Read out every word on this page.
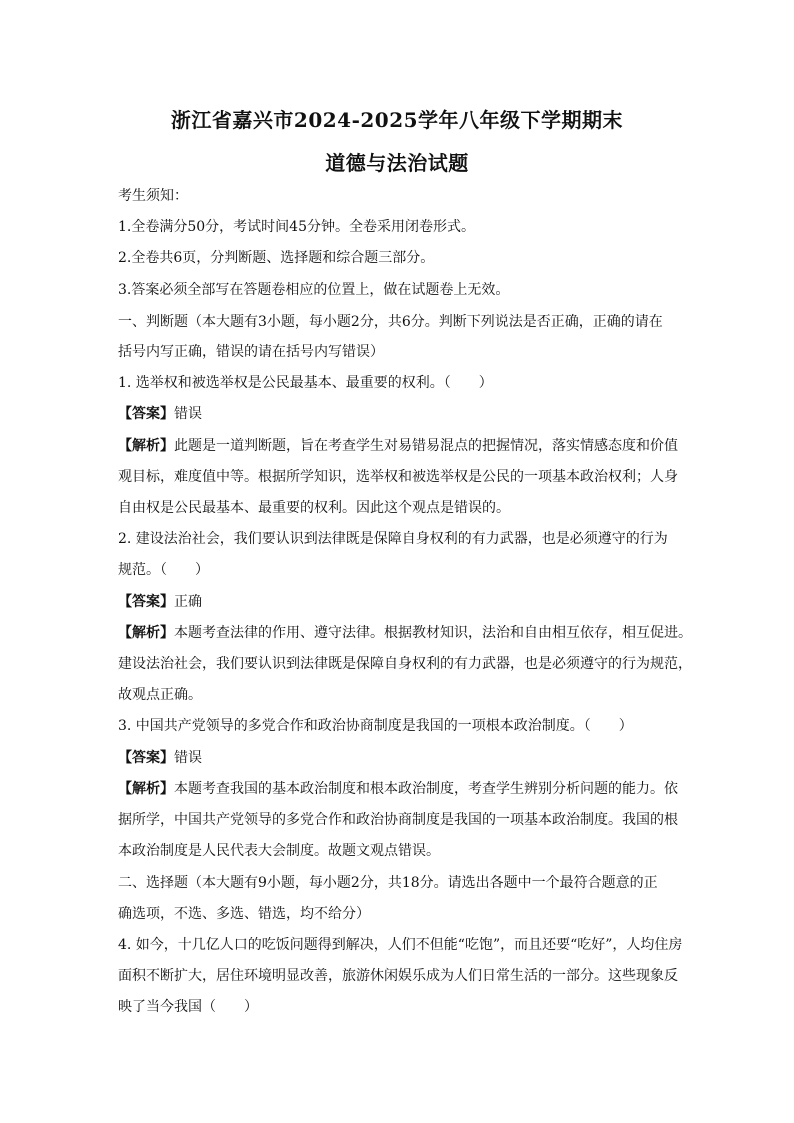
浙江省嘉兴市2024-2025学年八年级下学期期末
道德与法治试题
考生须知：
1.全卷满分50分，考试时间45分钟。全卷采用闭卷形式。
2.全卷共6页，分判断题、选择题和综合题三部分。
3.答案必须全部写在答题卷相应的位置上，做在试题卷上无效。
一、判断题（本大题有3小题，每小题2分，共6分。判断下列说法是否正确，正确的请在
括号内写正确，错误的请在括号内写错误）
1. 选举权和被选举权是公民最基本、最重要的权利。（　　）
【答案】错误
【解析】此题是一道判断题，旨在考查学生对易错易混点的把握情况，落实情感态度和价值
观目标，难度值中等。根据所学知识，选举权和被选举权是公民的一项基本政治权利；人身
自由权是公民最基本、最重要的权利。因此这个观点是错误的。
2. 建设法治社会，我们要认识到法律既是保障自身权利的有力武器，也是必须遵守的行为
规范。（　　）
【答案】正确
【解析】本题考查法律的作用、遵守法律。根据教材知识，法治和自由相互依存，相互促进。
建设法治社会，我们要认识到法律既是保障自身权利的有力武器，也是必须遵守的行为规范，
故观点正确。
3. 中国共产党领导的多党合作和政治协商制度是我国的一项根本政治制度。（　　）
【答案】错误
【解析】本题考查我国的基本政治制度和根本政治制度，考查学生辨别分析问题的能力。依
据所学，中国共产党领导的多党合作和政治协商制度是我国的一项基本政治制度。我国的根
本政治制度是人民代表大会制度。故题文观点错误。
二、选择题（本大题有9小题，每小题2分，共18分。请选出各题中一个最符合题意的正
确选项，不选、多选、错选，均不给分）
4. 如今，十几亿人口的吃饭问题得到解决，人们不但能“吃饱”，而且还要“吃好”，人均住房
面积不断扩大，居住环境明显改善，旅游休闲娱乐成为人们日常生活的一部分。这些现象反
映了当今我国（　　）
